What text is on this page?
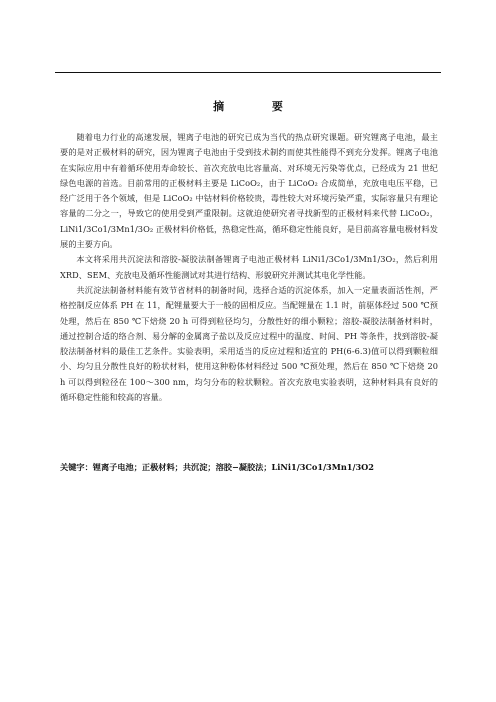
摘 要

随着电力行业的高速发展，锂离子电池的研究已成为当代的热点研究课题。研究锂离子电池，最主要的是对正极材料的研究，因为锂离子电池由于受到技术制约而使其性能得不到充分发挥。锂离子电池在实际应用中有着循环使用寿命较长、首次充放电比容量高、对环境无污染等优点，已经成为 21 世纪绿色电源的首选。目前常用的正极材料主要是 LiCoO₂，由于 LiCoO₂ 合成简单，充放电电压平稳，已经广泛用于各个领域，但是 LiCoO₂ 中钴材料价格较贵，毒性较大对环境污染严重，实际容量只有理论容量的二分之一，导致它的使用受到严重限制。这就迫使研究者寻找新型的正极材料来代替 LiCoO₂，LiNi1/3Co1/3Mn1/3O₂ 正极材料价格低，热稳定性高，循环稳定性能良好，是目前高容量电极材料发展的主要方向。

本文将采用共沉淀法和溶胶-凝胶法制备锂离子电池正极材料 LiNi1/3Co1/3Mn1/3O₂，然后利用 XRD、SEM、充放电及循环性能测试对其进行结构、形貌研究并测试其电化学性能。

共沉淀法制备材料能有效节省材料的制备时间，选择合适的沉淀体系，加入一定量表面活性剂，严格控制反应体系 PH 在 11，配锂量要大于一般的固相反应。当配锂量在 1.1 时，前驱体经过 500 ℃预处理，然后在 850 ℃下焙烧 20 h 可得到粒径均匀，分散性好的细小颗粒；溶胶-凝胶法制备材料时，通过控制合适的络合剂、易分解的金属离子盐以及反应过程中的温度、时间、PH 等条件，找到溶胶-凝胶法制备材料的最佳工艺条件。实验表明，采用适当的反应过程和适宜的 PH(6-6.3)值可以得到颗粒细小、均匀且分散性良好的粉状材料，使用这种粉体材料经过 500 ℃预处理，然后在 850 ℃下焙烧 20 h 可以得到粒径在 100～300 nm，均匀分布的粒状颗粒。首次充放电实验表明，这种材料具有良好的循环稳定性能和较高的容量。

关键字：锂离子电池；正极材料；共沉淀；溶胶−凝胶法；LiNi1/3Co1/3Mn1/3O2
